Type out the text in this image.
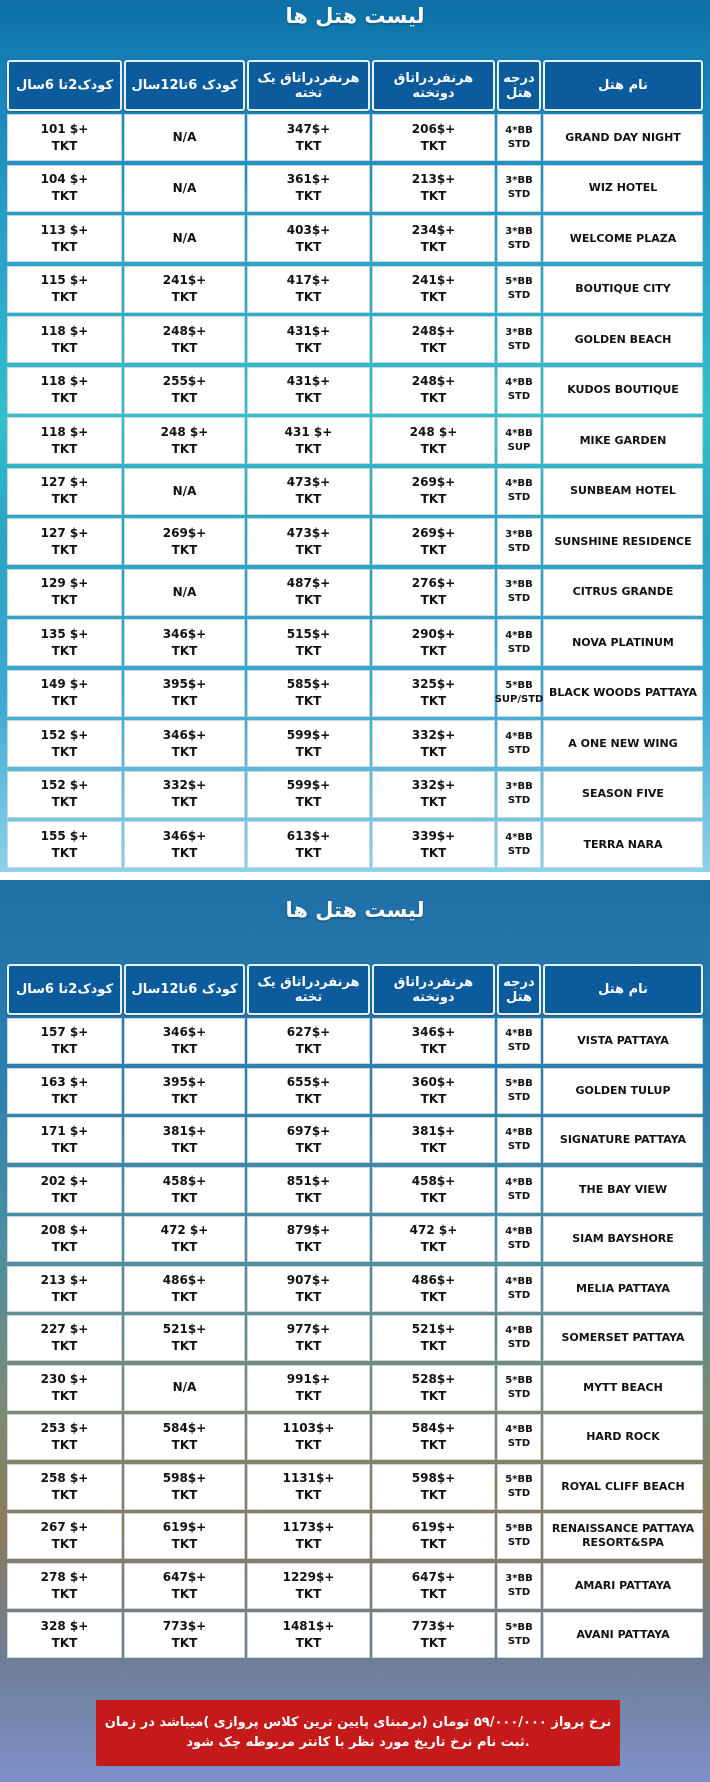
لیست هتل ها
نام هتل
درجه هتل
هرنفردراتاق دوتخته
هرنفردراتاق یک تخته
کودک 6تا12سال
کودک2تا 6سال
GRAND DAY NIGHT
4*BB
STD
206$+
TKT
347$+
TKT
N/A
101 $+
TKT
WIZ HOTEL
3*BB
STD
213$+
TKT
361$+
TKT
N/A
104 $+
TKT
WELCOME PLAZA
3*BB
STD
234$+
TKT
403$+
TKT
N/A
113 $+
TKT
BOUTIQUE CITY
5*BB
STD
241$+
TKT
417$+
TKT
241$+
TKT
115 $+
TKT
GOLDEN BEACH
3*BB
STD
248$+
TKT
431$+
TKT
248$+
TKT
118 $+
TKT
KUDOS BOUTIQUE
4*BB
STD
248$+
TKT
431$+
TKT
255$+
TKT
118 $+
TKT
MIKE GARDEN
4*BB
SUP
248 $+
TKT
431 $+
TKT
248 $+
TKT
118 $+
TKT
SUNBEAM HOTEL
4*BB
STD
269$+
TKT
473$+
TKT
N/A
127 $+
TKT
SUNSHINE RESIDENCE
3*BB
STD
269$+
TKT
473$+
TKT
269$+
TKT
127 $+
TKT
CITRUS GRANDE
3*BB
STD
276$+
TKT
487$+
TKT
N/A
129 $+
TKT
NOVA PLATINUM
4*BB
STD
290$+
TKT
515$+
TKT
346$+
TKT
135 $+
TKT
BLACK WOODS PATTAYA
5*BB
SUP/STD
325$+
TKT
585$+
TKT
395$+
TKT
149 $+
TKT
A ONE NEW WING
4*BB
STD
332$+
TKT
599$+
TKT
346$+
TKT
152 $+
TKT
SEASON FIVE
3*BB
STD
332$+
TKT
599$+
TKT
332$+
TKT
152 $+
TKT
TERRA NARA
4*BB
STD
339$+
TKT
613$+
TKT
346$+
TKT
155 $+
TKT
لیست هتل ها
نام هتل
درجه هتل
هرنفردراتاق دوتخته
هرنفردراتاق یک تخته
کودک 6تا12سال
کودک2تا 6سال
VISTA PATTAYA
4*BB
STD
346$+
TKT
627$+
TKT
346$+
TKT
157 $+
TKT
GOLDEN TULUP
5*BB
STD
360$+
TKT
655$+
TKT
395$+
TKT
163 $+
TKT
SIGNATURE PATTAYA
4*BB
STD
381$+
TKT
697$+
TKT
381$+
TKT
171 $+
TKT
THE BAY VIEW
4*BB
STD
458$+
TKT
851$+
TKT
458$+
TKT
202 $+
TKT
SIAM BAYSHORE
4*BB
STD
472 $+
TKT
879$+
TKT
472 $+
TKT
208 $+
TKT
MELIA PATTAYA
4*BB
STD
486$+
TKT
907$+
TKT
486$+
TKT
213 $+
TKT
SOMERSET PATTAYA
4*BB
STD
521$+
TKT
977$+
TKT
521$+
TKT
227 $+
TKT
MYTT BEACH
5*BB
STD
528$+
TKT
991$+
TKT
N/A
230 $+
TKT
HARD ROCK
4*BB
STD
584$+
TKT
1103$+
TKT
584$+
TKT
253 $+
TKT
ROYAL CLIFF BEACH
5*BB
STD
598$+
TKT
1131$+
TKT
598$+
TKT
258 $+
TKT
RENAISSANCE PATTAYA
RESORT&SPA
5*BB
STD
619$+
TKT
1173$+
TKT
619$+
TKT
267 $+
TKT
AMARI PATTAYA
3*BB
STD
647$+
TKT
1229$+
TKT
647$+
TKT
278 $+
TKT
AVANI PATTAYA
5*BB
STD
773$+
TKT
1481$+
TKT
773$+
TKT
328 $+
TKT
نرخ پرواز ۵۹/۰۰۰/۰۰۰ تومان (برمبنای پایین ترین کلاس پروازی )میباشد در زمان ثبت نام نرخ تاریخ مورد نظر با کانتر مربوطه چک شود.
